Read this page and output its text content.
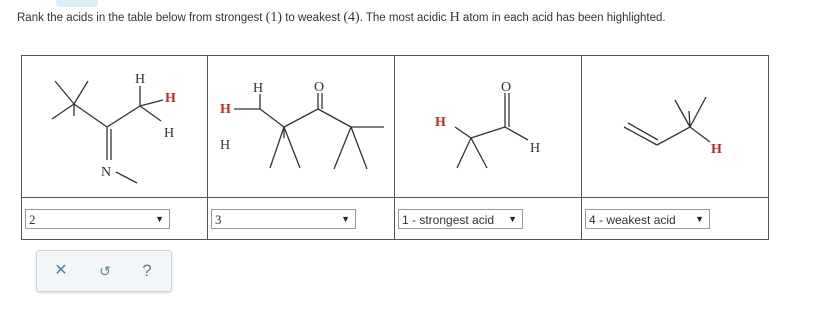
Rank the acids in the table below from strongest (1) to weakest (4). The most acidic H atom in each acid has been highlighted.
H
H
H
N	H
H
O
H	H
O
H	H

2 ▼	3 ▼	1 - strongest acid ▼	4 - weakest acid ▼
✕	↺	?
